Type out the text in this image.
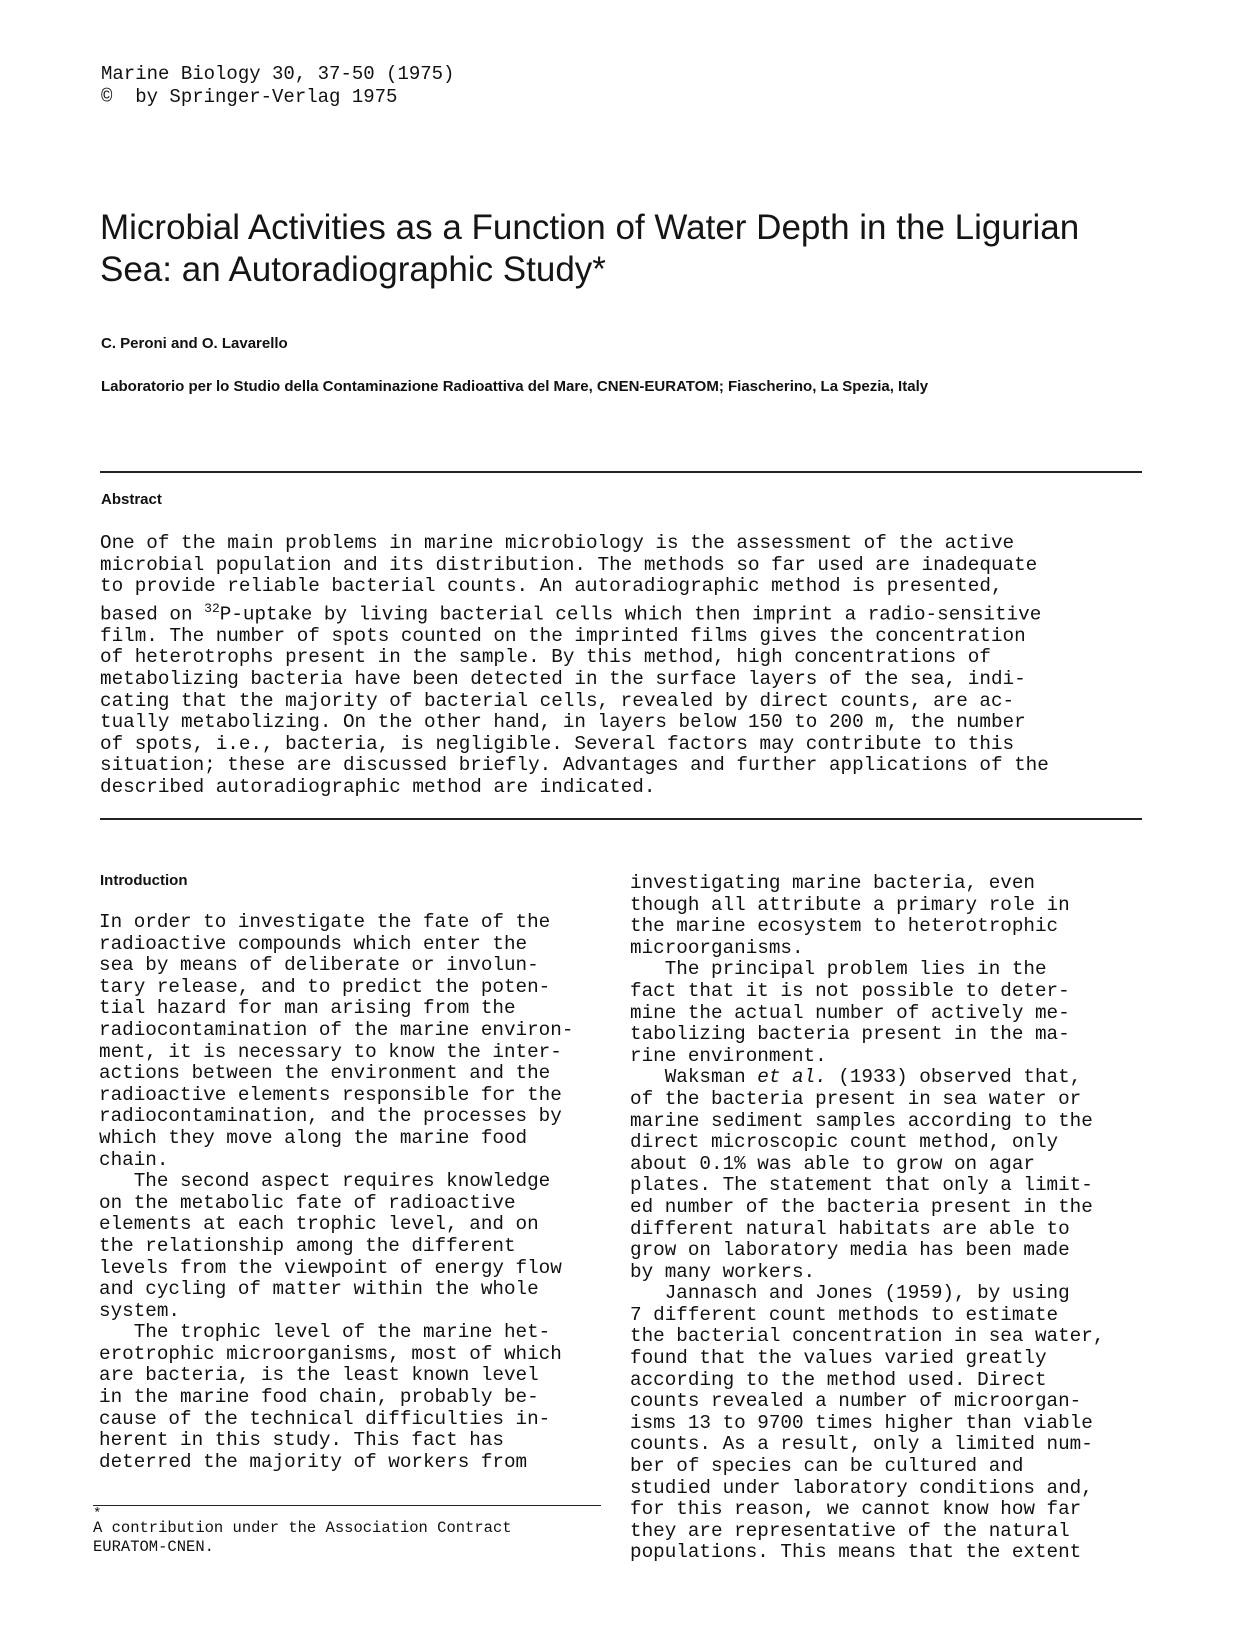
Marine Biology 30, 37-50 (1975)
©  by Springer-Verlag 1975
Microbial Activities as a Function of Water Depth in the Ligurian Sea: an Autoradiographic Study*
C. Peroni and O. Lavarello
Laboratorio per lo Studio della Contaminazione Radioattiva del Mare, CNEN-EURATOM; Fiascherino, La Spezia, Italy
Abstract
One of the main problems in marine microbiology is the assessment of the active
microbial population and its distribution. The methods so far used are inadequate
to provide reliable bacterial counts. An autoradiographic method is presented,
based on $^{32}$P-uptake by living bacterial cells which then imprint a radio-sensitive
film. The number of spots counted on the imprinted films gives the concentration
of heterotrophs present in the sample. By this method, high concentrations of
metabolizing bacteria have been detected in the surface layers of the sea, indi-
cating that the majority of bacterial cells, revealed by direct counts, are ac-
tually metabolizing. On the other hand, in layers below 150 to 200 m, the number
of spots, i.e., bacteria, is negligible. Several factors may contribute to this
situation; these are discussed briefly. Advantages and further applications of the
described autoradiographic method are indicated.
Introduction
In order to investigate the fate of the
radioactive compounds which enter the
sea by means of deliberate or involun-
tary release, and to predict the poten-
tial hazard for man arising from the
radiocontamination of the marine environ-
ment, it is necessary to know the inter-
actions between the environment and the
radioactive elements responsible for the
radiocontamination, and the processes by
which they move along the marine food
chain.
The second aspect requires knowledge
on the metabolic fate of radioactive
elements at each trophic level, and on
the relationship among the different
levels from the viewpoint of energy flow
and cycling of matter within the whole
system.
The trophic level of the marine het-
erotrophic microorganisms, most of which
are bacteria, is the least known level
in the marine food chain, probably be-
cause of the technical difficulties in-
herent in this study. This fact has
deterred the majority of workers from
investigating marine bacteria, even
though all attribute a primary role in
the marine ecosystem to heterotrophic
microorganisms.
The principal problem lies in the
fact that it is not possible to deter-
mine the actual number of actively me-
tabolizing bacteria present in the ma-
rine environment.
Waksman et al. (1933) observed that,
of the bacteria present in sea water or
marine sediment samples according to the
direct microscopic count method, only
about 0.1% was able to grow on agar
plates. The statement that only a limit-
ed number of the bacteria present in the
different natural habitats are able to
grow on laboratory media has been made
by many workers.
Jannasch and Jones (1959), by using
7 different count methods to estimate
the bacterial concentration in sea water,
found that the values varied greatly
according to the method used. Direct
counts revealed a number of microorgan-
isms 13 to 9700 times higher than viable
counts. As a result, only a limited num-
ber of species can be cultured and
studied under laboratory conditions and,
for this reason, we cannot know how far
they are representative of the natural
populations. This means that the extent
*
A contribution under the Association Contract
EURATOM-CNEN.
